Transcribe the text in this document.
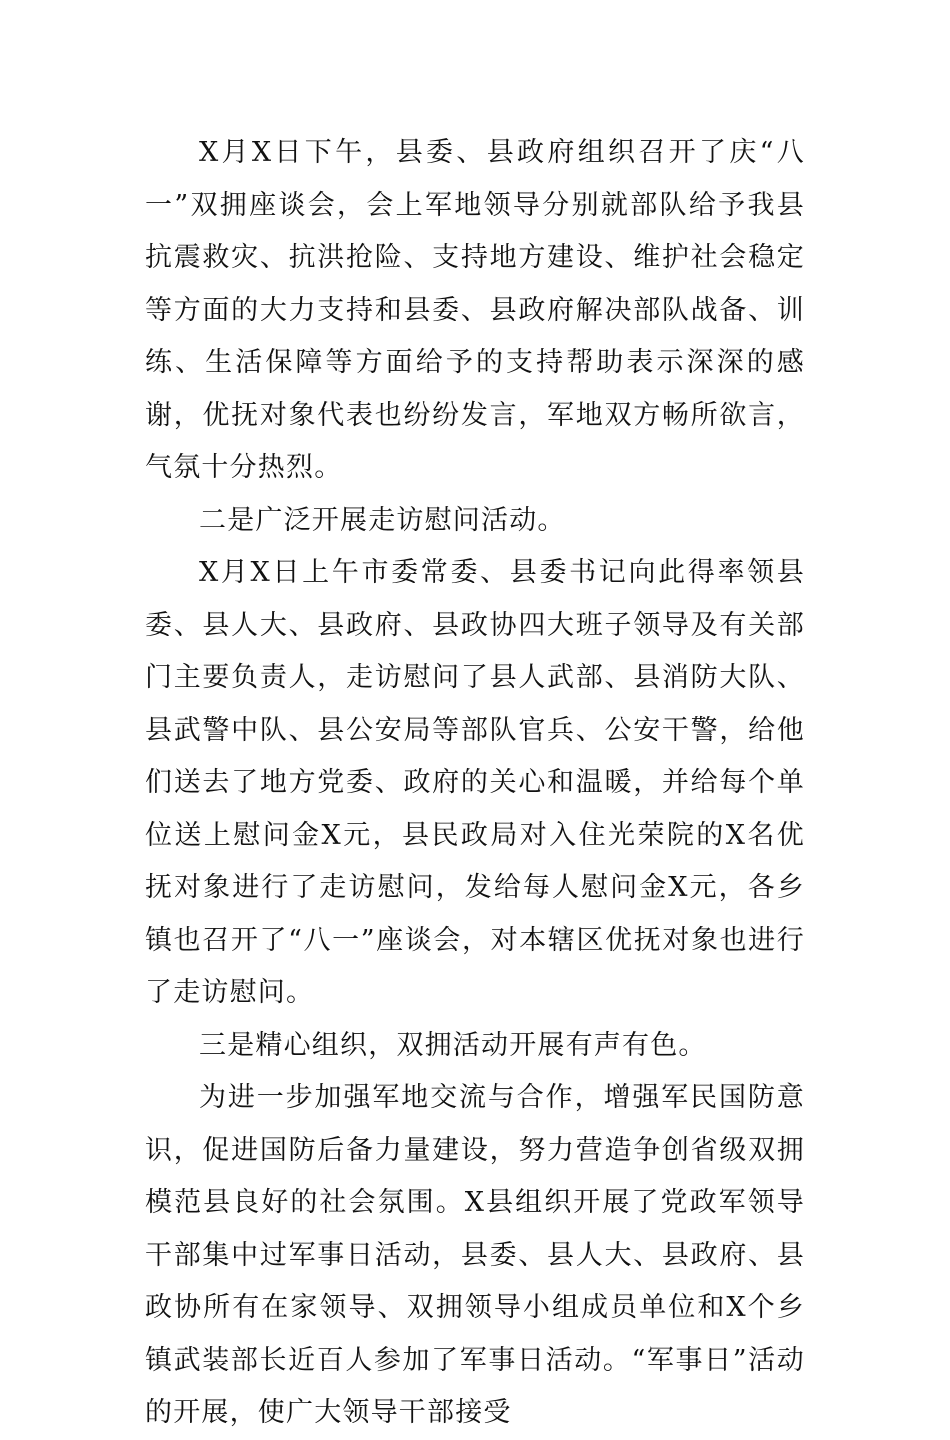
X月X日下午，县委、县政府组织召开了庆“八一”双拥座谈会，会上军地领导分别就部队给予我县抗震救灾、抗洪抢险、支持地方建设、维护社会稳定等方面的大力支持和县委、县政府解决部队战备、训练、生活保障等方面给予的支持帮助表示深深的感谢，优抚对象代表也纷纷发言，军地双方畅所欲言，气氛十分热烈。

二是广泛开展走访慰问活动。

X月X日上午市委常委、县委书记向此得率领县委、县人大、县政府、县政协四大班子领导及有关部门主要负责人，走访慰问了县人武部、县消防大队、县武警中队、县公安局等部队官兵、公安干警，给他们送去了地方党委、政府的关心和温暖，并给每个单位送上慰问金X元，县民政局对入住光荣院的X名优抚对象进行了走访慰问，发给每人慰问金X元，各乡镇也召开了“八一”座谈会，对本辖区优抚对象也进行了走访慰问。

三是精心组织，双拥活动开展有声有色。

为进一步加强军地交流与合作，增强军民国防意识，促进国防后备力量建设，努力营造争创省级双拥模范县良好的社会氛围。X县组织开展了党政军领导干部集中过军事日活动，县委、县人大、县政府、县政协所有在家领导、双拥领导小组成员单位和X个乡镇武装部长近百人参加了军事日活动。“军事日”活动的开展，使广大领导干部接受
